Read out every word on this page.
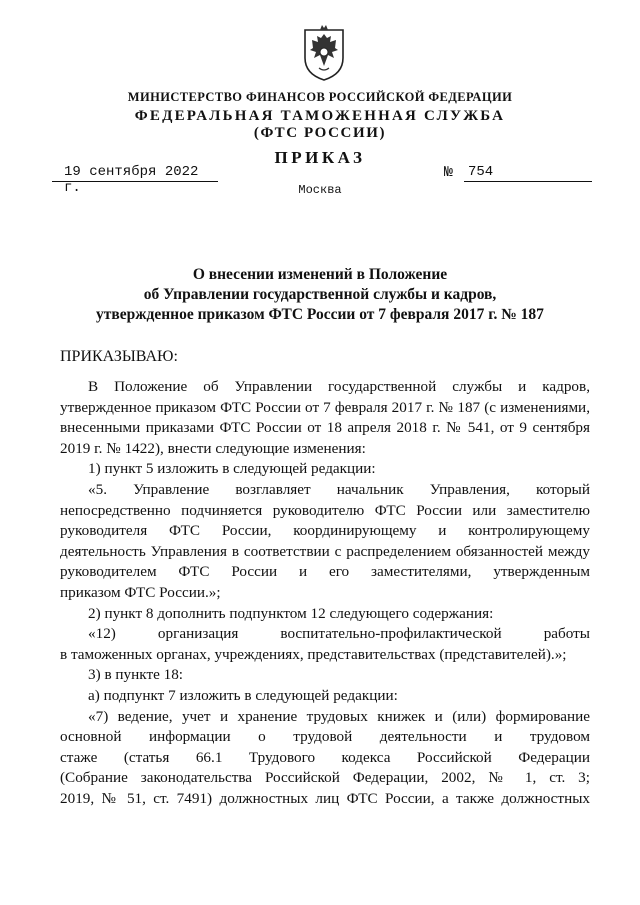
МИНИСТЕРСТВО ФИНАНСОВ РОССИЙСКОЙ ФЕДЕРАЦИИ
ФЕДЕРАЛЬНАЯ ТАМОЖЕННАЯ СЛУЖБА
(ФТС РОССИИ)
ПРИКАЗ
19 сентября 2022 г.
№ 754
Москва
О внесении изменений в Положение
об Управлении государственной службы и кадров,
утвержденное приказом ФТС России от 7 февраля 2017 г. № 187
ПРИКАЗЫВАЮ:
В Положение об Управлении государственной службы и кадров,
утвержденное приказом ФТС России от 7 февраля 2017 г. № 187 (с изменениями,
внесенными приказами ФТС России от 18 апреля 2018 г. № 541, от 9 сентября
2019 г. № 1422), внести следующие изменения:
1) пункт 5 изложить в следующей редакции:
«5. Управление возглавляет начальник Управления, который
непосредственно подчиняется руководителю ФТС России или заместителю
руководителя ФТС России, координирующему и контролирующему
деятельность Управления в соответствии с распределением обязанностей между
руководителем ФТС России и его заместителями, утвержденным
приказом ФТС России.»;
2) пункт 8 дополнить подпунктом 12 следующего содержания:
«12) организация воспитательно-профилактической работы
в таможенных органах, учреждениях, представительствах (представителей).»;
3) в пункте 18:
а) подпункт 7 изложить в следующей редакции:
«7) ведение, учет и хранение трудовых книжек и (или) формирование
основной информации о трудовой деятельности и трудовом
стаже (статья 66.1 Трудового кодекса Российской Федерации
(Собрание законодательства Российской Федерации, 2002, № 1, ст. 3;
2019, № 51, ст. 7491) должностных лиц ФТС России, а также должностных
